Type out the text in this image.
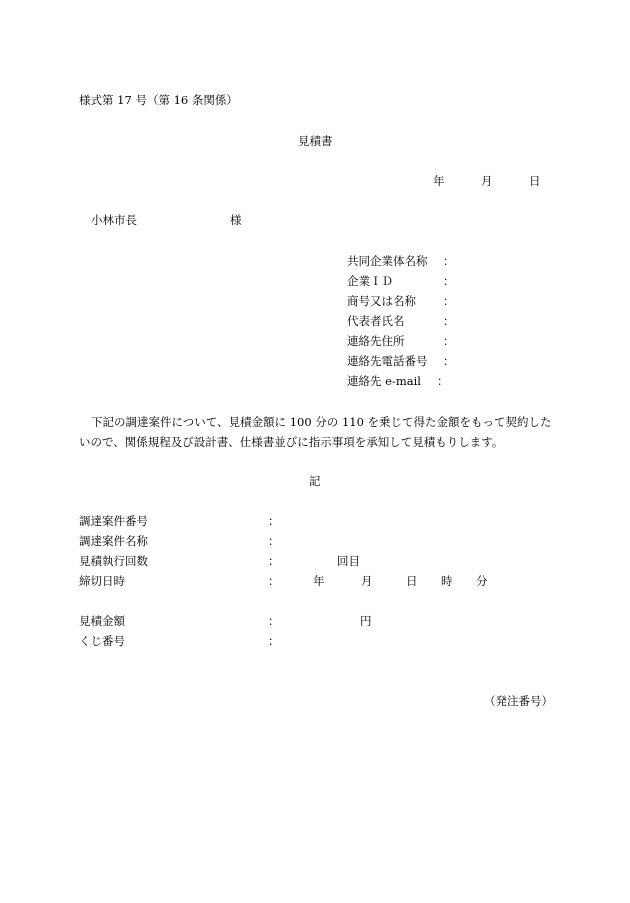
様式第 17 号（第 16 条関係）
見積書
年	月	日
小林市長	様
共同企業体名称 ：
企業ＩＤ	：
商号又は名称 ：
代表者氏名	：
連絡先住所	：
連絡先電話番号 ：
連絡先 e-mail ：
下記の調達案件について、見積金額に 100 分の 110 を乗じて得た金額をもって契約した
いので、関係規程及び設計書、仕様書並びに指示事項を承知して見積もりします。
記
調達案件番号	：
調達案件名称	：
見積執行回数	：	回目
締切日時	：	年	月	日 時 分
見積金額	：	円
くじ番号	：
（発注番号）
